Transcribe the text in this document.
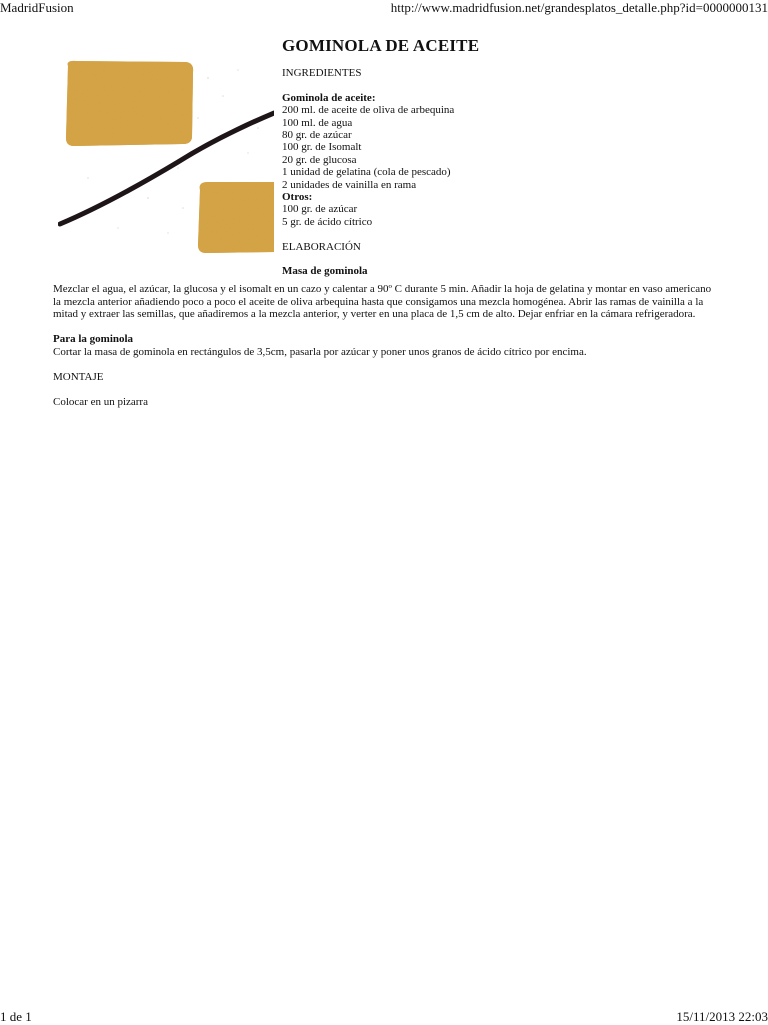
MadridFusion	http://www.madridfusion.net/grandesplatos_detalle.php?id=0000000131
GOMINOLA DE ACEITE
INGREDIENTES
Gominola de aceite:
200 ml. de aceite de oliva de arbequina
100 ml. de agua
80 gr. de azúcar
100 gr. de Isomalt
20 gr. de glucosa
1 unidad de gelatina (cola de pescado)
2 unidades de vainilla en rama
Otros:
100 gr. de azúcar
5 gr. de ácido cítrico
ELABORACIÓN
Masa de gominola

Mezclar el agua, el azúcar, la glucosa y el isomalt en un cazo y calentar a 90º C durante 5 min. Añadir la hoja de gelatina y montar en vaso americano la mezcla anterior añadiendo poco a poco el aceite de oliva arbequina hasta que consigamos una mezcla homogénea. Abrir las ramas de vainilla a la mitad y extraer las semillas, que añadiremos a la mezcla anterior, y verter en una placa de 1,5 cm de alto. Dejar enfriar en la cámara refrigeradora.

Para la gominola

Cortar la masa de gominola en rectángulos de 3,5cm, pasarla por azúcar y poner unos granos de ácido cítrico por encima.

MONTAJE

Colocar en un pizarra

1 de 1	15/11/2013 22:03
